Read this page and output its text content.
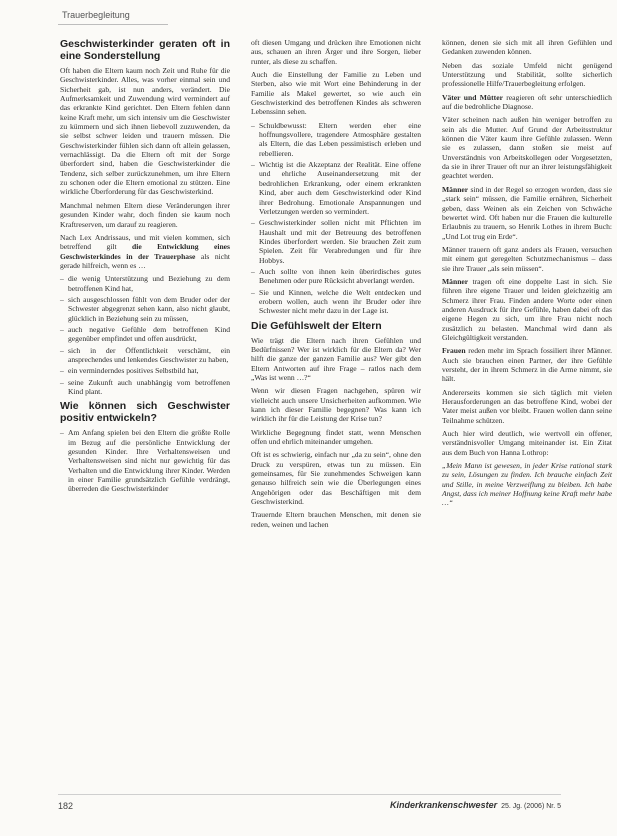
Trauerbegleitung
Geschwisterkinder geraten oft in eine Sonderstellung

Oft haben die Eltern kaum noch Zeit und Ruhe für die Geschwisterkinder. Alles, was vorher einmal sein und Sicherheit gab, ist nun anders, verändert. Die Aufmerksamkeit und Zuwendung wird vermindert auf das erkrankte Kind gerichtet. Den Eltern fehlen dann keine Kraft mehr, um sich intensiv um die Geschwister zu kümmern und sich ihnen liebevoll zuzuwenden, da sie selbst schwer leiden und trauern müssen. Die Geschwisterkinder fühlen sich dann oft allein gelassen, vernachlässigt. Da die Eltern oft mit der Sorge überfordert sind, haben die Geschwisterkinder die Tendenz, sich selber zurückzunehmen, um ihre Eltern zu schonen oder die Eltern emotional zu stützen. Eine wirkliche Überforderung für das Geschwisterkind.

Manchmal nehmen Eltern diese Veränderungen ihrer gesunden Kinder wahr, doch finden sie kaum noch Kraftreserven, um darauf zu reagieren.

Nach Lex Andrissaus, und mit vielen kommen, sich betreffend gilt die Entwicklung eines Geschwisterkindes in der Trauerphase als nicht gerade hilfreich, wenn es …

– die wenig Unterstützung und Beziehung zu dem betroffenen Kind hat,
– sich ausgeschlossen fühlt von dem Bruder oder der Schwester abgegrenzt sehen kann, also nicht glaubt, glücklich in Beziehung sein zu müssen,
– auch negative Gefühle dem betroffenen Kind gegenüber empfindet und offen ausdrückt,
– sich in der Öffentlichkeit verschämt, ein ansprechendes und lenkendes Geschwister zu haben,
– ein verminderndes positives Selbstbild hat,
– seine Zukunft auch unabhängig vom betroffenen Kind plant.
Wie können sich Geschwister positiv entwickeln?
– Am Anfang spielen bei den Eltern die größte Rolle im Bezug auf die persönliche Entwicklung der gesunden Kinder. Ihre Verhaltensweisen und Verhaltensweisen sind nicht nur gewichtig für das Verhalten und die Entwicklung ihrer Kinder. Werden in einer Familie grundsätzlich Gefühle verdrängt, überreden die Geschwisterkinder

oft diesen Umgang und drücken ihre Emotionen nicht aus, schauen an ihren Ärger und ihre Sorgen, lieber runter, als diese zu schaffen.

Auch die Einstellung der Familie zu Leben und Sterben, also wie mit Wort eine Behinderung in der Familie als Makel gewertet, so wie auch ein Geschwisterkind des betroffenen Kindes als schweren Lebenssinn sehen.

– Schuldbewusst: Eltern werden eher eine hoffnungsvollere, tragendere Atmosphäre gestalten als Eltern, die das Leben pessimistisch erleben und rebellieren.
– Wichtig ist die Akzeptanz der Realität. Eine offene und ehrliche Auseinandersetzung mit der bedrohlichen Erkrankung, oder einem erkrankten Kind, aber auch dem Geschwisterkind oder Kind ihrer Bedrohung. Emotionale Anspannungen und Verletzungen werden so vermindert.
– Geschwisterkinder sollen nicht mit Pflichten im Haushalt und mit der Betreuung des betroffenen Kindes überfordert werden. Sie brauchen Zeit zum Spielen. Zeit für Verabredungen und für ihre Hobbys.
– Auch sollte von ihnen kein überirdisches gutes Benehmen oder pure Rücksicht abverlangt werden.
– Sie und Kinnen, welche die Welt entdecken und erobern wollen, auch wenn ihr Bruder oder ihre Schwester nicht mehr dazu in der Lage ist.
Die Gefühlswelt der Eltern

Wie trägt die Eltern nach ihren Gefühlen und Bedürfnissen? Wer ist wirklich für die Eltern da? Wer hilft die ganze der ganzen Familie aus? Wer gibt den Eltern Antworten auf ihre Frage – ratlos nach dem „Was ist wenn …?“

Wenn wir diesen Fragen nachgehen, spüren wir vielleicht auch unsere Unsicherheiten aufkommen. Wie kann ich dieser Familie begegnen? Was kann ich wirklich ihr für die Leistung der Krise tun?

Wirkliche Begegnung findet statt, wenn Menschen offen und ehrlich miteinander umgehen.

Oft ist es schwierig, einfach nur „da zu sein“, ohne den Druck zu verspüren, etwas tun zu müssen. Ein gemeinsames, für Sie zunehmendes Schweigen kann genauso hilfreich sein wie die Überlegungen eines Angehörigen oder das Beschäftigen mit dem Geschwisterkind.

Trauernde Eltern brauchen Menschen, mit denen sie reden, weinen und lachen

können, denen sie sich mit all ihren Gefühlen und Gedanken zuwenden können.

Neben das soziale Umfeld nicht genügend Unterstützung und Stabilität, sollte sicherlich professionelle Hilfe/Trauerbegleitung erfolgen.

Väter und Mütter reagieren oft sehr unterschiedlich auf die bedrohliche Diagnose.

Väter scheinen nach außen hin weniger betroffen zu sein als die Mutter. Auf Grund der Arbeitsstruktur können die Väter kaum ihre Gefühle zulassen. Wenn sie es zulassen, dann stoßen sie meist auf Unverständnis von Arbeitskollegen oder Vorgesetzten, da sie in ihrer Trauer oft nur an ihrer leistungsfähigkeit geachtet werden.

Männer sind in der Regel so erzogen worden, dass sie „stark sein“ müssen, die Familie ernähren, Sicherheit geben, dass Weinen als ein Zeichen von Schwäche bewertet wird. Oft haben nur die Frauen die kulturelle Erlaubnis zu trauern, so Henrik Lothes in ihrem Buch: „Und Lot trug ein Erde“.

Männer trauern oft ganz anders als Frauen, versuchen mit einem gut geregelten Schutzmechanismus – dass sie ihre Trauer „als sein müssen“.

Männer tragen oft eine doppelte Last in sich. Sie führen ihre eigene Trauer und leiden gleichzeitig am Schmerz ihrer Frau. Finden andere Worte oder einen anderen Ausdruck für ihre Gefühle, haben dabei oft das eigene Hegen zu sich, um ihre Frau nicht noch zusätzlich zu belasten. Manchmal wird dann als Gleichgültigkeit verstanden.

Frauen reden mehr im Sprach fossiliert ihrer Männer. Auch sie brauchen einen Partner, der ihre Gefühle versteht, der in ihrem Schmerz in die Arme nimmt, sie hält.

Andererseits kommen sie sich täglich mit vielen Herausforderungen an das betroffene Kind, wobei der Vater meist außen vor bleibt. Frauen wollen dann seine Teilnahme schützen.

Auch hier wird deutlich, wie wertvoll ein offener, verständnisvoller Umgang miteinander ist. Ein Zitat aus dem Buch von Hanna Lothrop:

„Mein Mann ist gewesen, in jeder Krise rational stark zu sein, Lösungen zu finden. Ich brauche einfach Zeit und Stille, in meine Verzweiflung zu bleiben. Ich habe Angst, dass ich meiner Hoffnung keine Kraft mehr habe …“

182	Kinderkrankenschwester 25. Jg. (2006) Nr. 5
